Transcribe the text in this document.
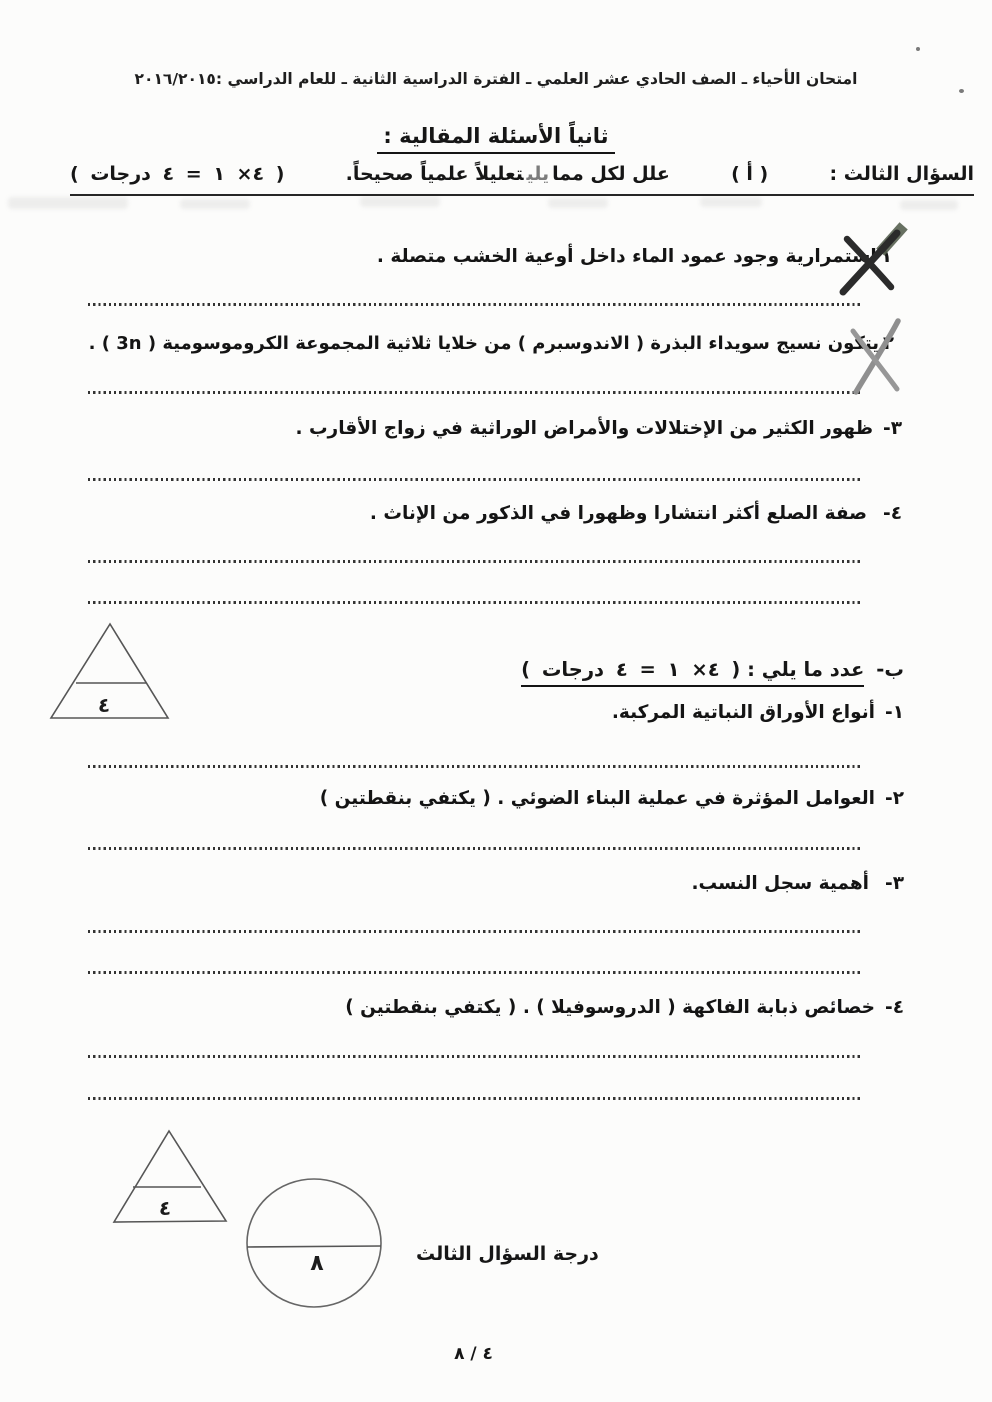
امتحان الأحياء ـ الصف الحادي عشر العلمي ـ الفترة الدراسية الثانية ـ للعام الدراسي :٢٠١٦/٢٠١٥
ثانياً الأسئلة المقالية :
السؤال الثالث :
( أ )
علل لكل ممايليتعليلاً علمياً صحيحاً.
( ٤× ١ = ٤ درجات )
١استمرارية وجود عمود الماء داخل أوعية الخشب متصلة .
٢يتكون نسيج سويداء البذرة ( الاندوسبرم ) من خلايا ثلاثية المجموعة الكروموسومية ( 3n ) .
٣-ظهور الكثير من الإختلالات والأمراض الوراثية في زواج الأقارب .
٤-صفة الصلع أكثر انتشارا وظهورا في الذكور من الإناث .
٤
ب-عدد ما يلي : ( ٤× ١ = ٤ درجات )
١-أنواع الأوراق النباتية المركبة.
٢-العوامل المؤثرة في عملية البناء الضوئي . ( يكتفي بنقطتين )
٣-أهمية سجل النسب.
٤-خصائص ذبابة الفاكهة ( الدروسوفيلا ) . ( يكتفي بنقطتين )
٤
٨	درجة السؤال الثالث
٤ / ٨
